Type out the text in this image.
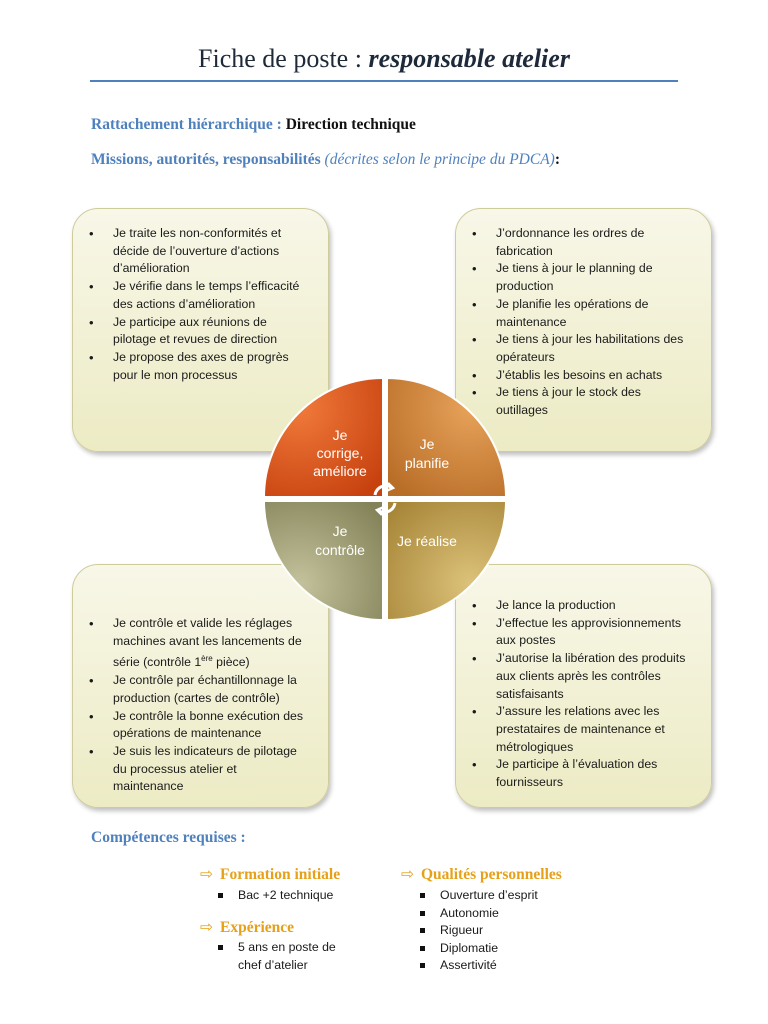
Fiche de poste : responsable atelier
Rattachement hiérarchique : Direction technique
Missions, autorités, responsabilités (décrites selon le principe du PDCA):
• Je traite les non-conformités et décide de l’ouverture d’actions d’amélioration
• Je vérifie dans le temps l’efficacité des actions d’amélioration
• Je participe aux réunions de pilotage et revues de direction
• Je propose des axes de progrès pour le mon processus
• J’ordonnance les ordres de fabrication
• Je tiens à jour le planning de production
• Je planifie les opérations de maintenance
• Je tiens à jour les habilitations des opérateurs
• J’établis les besoins en achats
• Je tiens à jour le stock des outillages
• Je contrôle et valide les réglages machines avant les lancements de série (contrôle 1ère pièce)
• Je contrôle par échantillonnage la production (cartes de contrôle)
• Je contrôle la bonne exécution des opérations de maintenance
• Je suis les indicateurs de pilotage du processus atelier et maintenance
• Je lance la production
• J’effectue les approvisionnements aux postes
• J’autorise la libération des produits aux clients après les contrôles satisfaisants
• J’assure les relations avec les prestataires de maintenance et métrologiques
• Je participe à l’évaluation des fournisseurs
Je
corrige,
améliore
Je
planifie
Je
contrôle
Je réalise
Compétences requises :
⇨ Formation initiale
Bac +2 technique
⇨ Expérience
5 ans en poste de chef d’atelier
⇨ Qualités personnelles
Ouverture d’esprit
Autonomie
Rigueur
Diplomatie
Assertivité
